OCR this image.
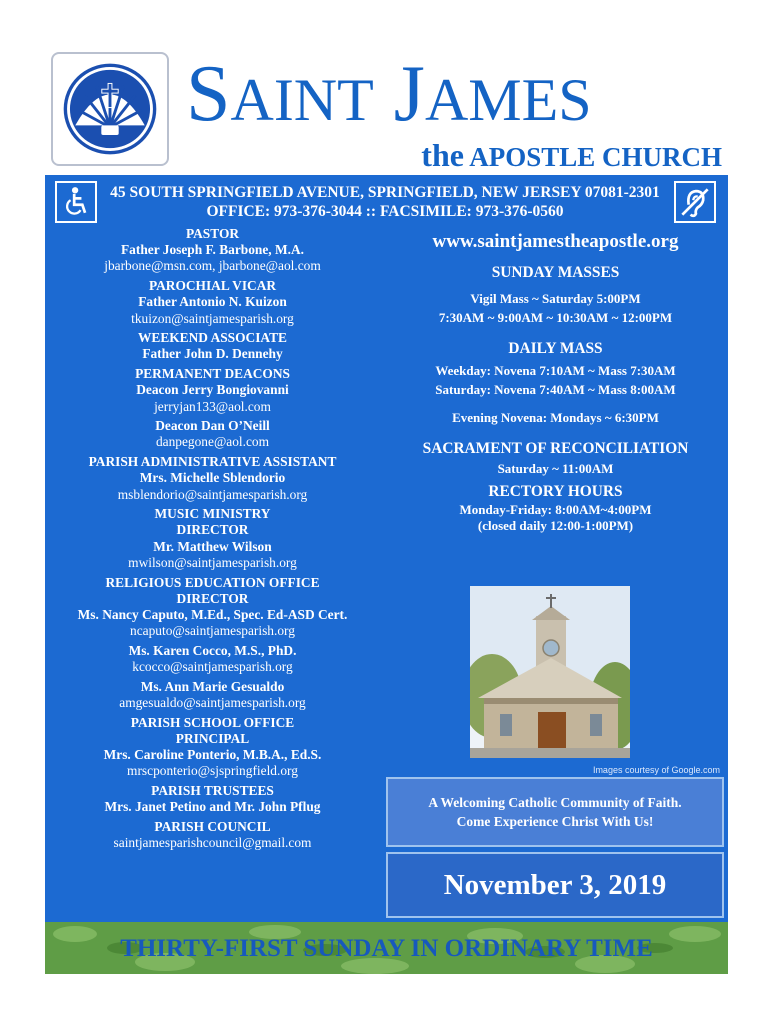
SAINT JAMES
the APOSTLE CHURCH
45 SOUTH SPRINGFIELD AVENUE, SPRINGFIELD, NEW JERSEY 07081-2301
OFFICE: 973-376-3044 :: FACSIMILE: 973-376-0560
PASTOR
Father Joseph F. Barbone, M.A.
jbarbone@msn.com, jbarbone@aol.com
PAROCHIAL VICAR
Father Antonio N. Kuizon
tkuizon@saintjamesparish.org
WEEKEND ASSOCIATE
Father John D. Dennehy
PERMANENT DEACONS
Deacon Jerry Bongiovanni
jerryjan133@aol.com
Deacon Dan O’Neill
danpegone@aol.com
PARISH ADMINISTRATIVE ASSISTANT
Mrs. Michelle Sblendorio
msblendorio@saintjamesparish.org
MUSIC MINISTRY
DIRECTOR
Mr. Matthew Wilson
mwilson@saintjamesparish.org
RELIGIOUS EDUCATION OFFICE
DIRECTOR
Ms. Nancy Caputo, M.Ed., Spec. Ed-ASD Cert.
ncaputo@saintjamesparish.org
Ms. Karen Cocco, M.S., PhD.
kcocco@saintjamesparish.org
Ms. Ann Marie Gesualdo
amgesualdo@saintjamesparish.org
PARISH SCHOOL OFFICE
PRINCIPAL
Mrs. Caroline Ponterio, M.B.A., Ed.S.
mrscponterio@sjspringfield.org
PARISH TRUSTEES
Mrs. Janet Petino and Mr. John Pflug
PARISH COUNCIL
saintjamesparishcouncil@gmail.com
www.saintjamestheapostle.org
SUNDAY MASSES
Vigil Mass ~ Saturday 5:00PM
7:30AM ~ 9:00AM ~ 10:30AM ~ 12:00PM
DAILY MASS
Weekday: Novena 7:10AM ~ Mass 7:30AM
Saturday: Novena 7:40AM ~ Mass 8:00AM
Evening Novena: Mondays ~ 6:30PM
SACRAMENT OF RECONCILIATION
Saturday ~ 11:00AM
RECTORY HOURS
Monday-Friday: 8:00AM~4:00PM
(closed daily 12:00-1:00PM)
Images courtesy of Google.com
A Welcoming Catholic Community of Faith.
Come Experience Christ With Us!
November 3, 2019
THIRTY-FIRST SUNDAY IN ORDINARY TIME
